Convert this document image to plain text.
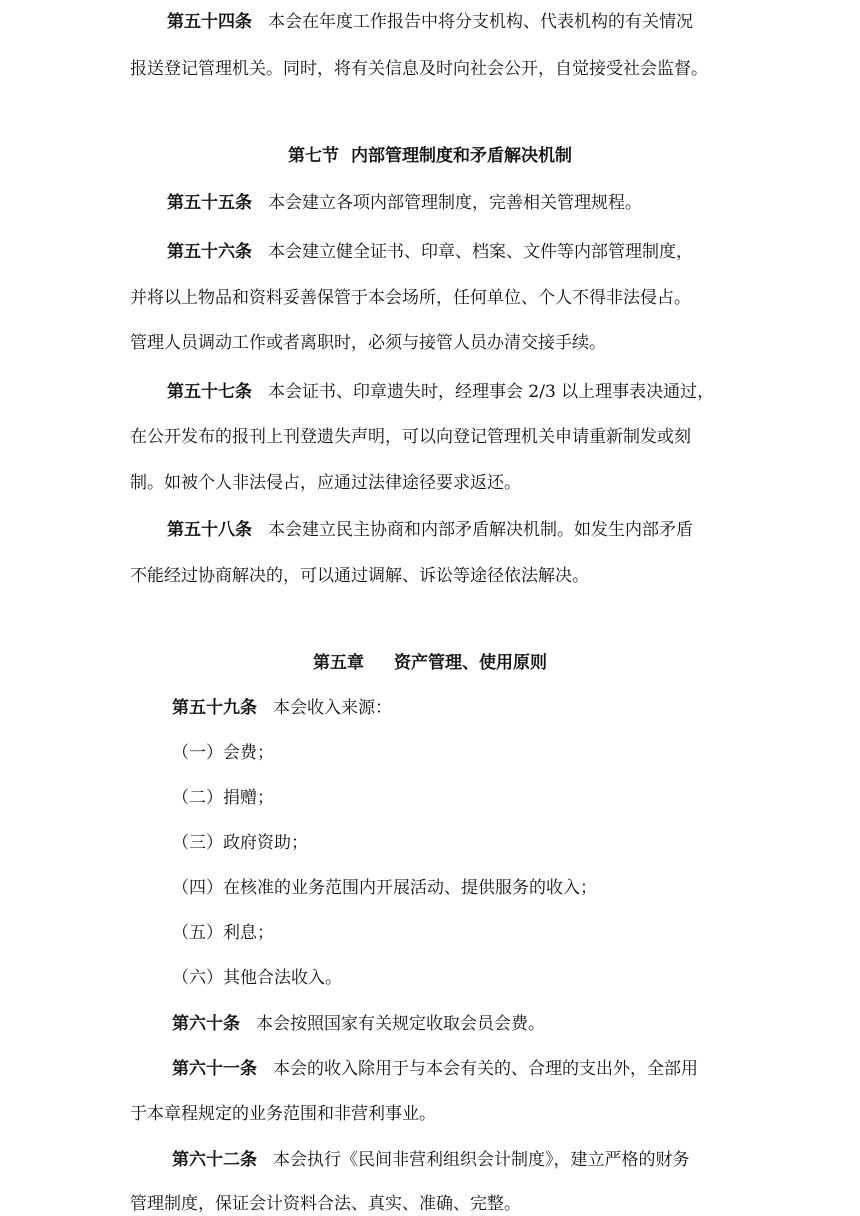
第五十四条 本会在年度工作报告中将分支机构、代表机构的有关情况
报送登记管理机关。同时，将有关信息及时向社会公开，自觉接受社会监督。
第七节 内部管理制度和矛盾解决机制
第五十五条 本会建立各项内部管理制度，完善相关管理规程。
第五十六条 本会建立健全证书、印章、档案、文件等内部管理制度，
并将以上物品和资料妥善保管于本会场所，任何单位、个人不得非法侵占。
管理人员调动工作或者离职时，必须与接管人员办清交接手续。
第五十七条 本会证书、印章遗失时，经理事会 2/3 以上理事表决通过，
在公开发布的报刊上刊登遗失声明，可以向登记管理机关申请重新制发或刻
制。如被个人非法侵占，应通过法律途径要求返还。
第五十八条 本会建立民主协商和内部矛盾解决机制。如发生内部矛盾
不能经过协商解决的，可以通过调解、诉讼等途径依法解决。
第五章 资产管理、使用原则
第五十九条 本会收入来源：
（一）会费；
（二）捐赠；
（三）政府资助；
（四）在核准的业务范围内开展活动、提供服务的收入；
（五）利息；
（六）其他合法收入。
第六十条 本会按照国家有关规定收取会员会费。
第六十一条 本会的收入除用于与本会有关的、合理的支出外，全部用
于本章程规定的业务范围和非营利事业。
第六十二条 本会执行《民间非营利组织会计制度》，建立严格的财务
管理制度，保证会计资料合法、真实、准确、完整。
